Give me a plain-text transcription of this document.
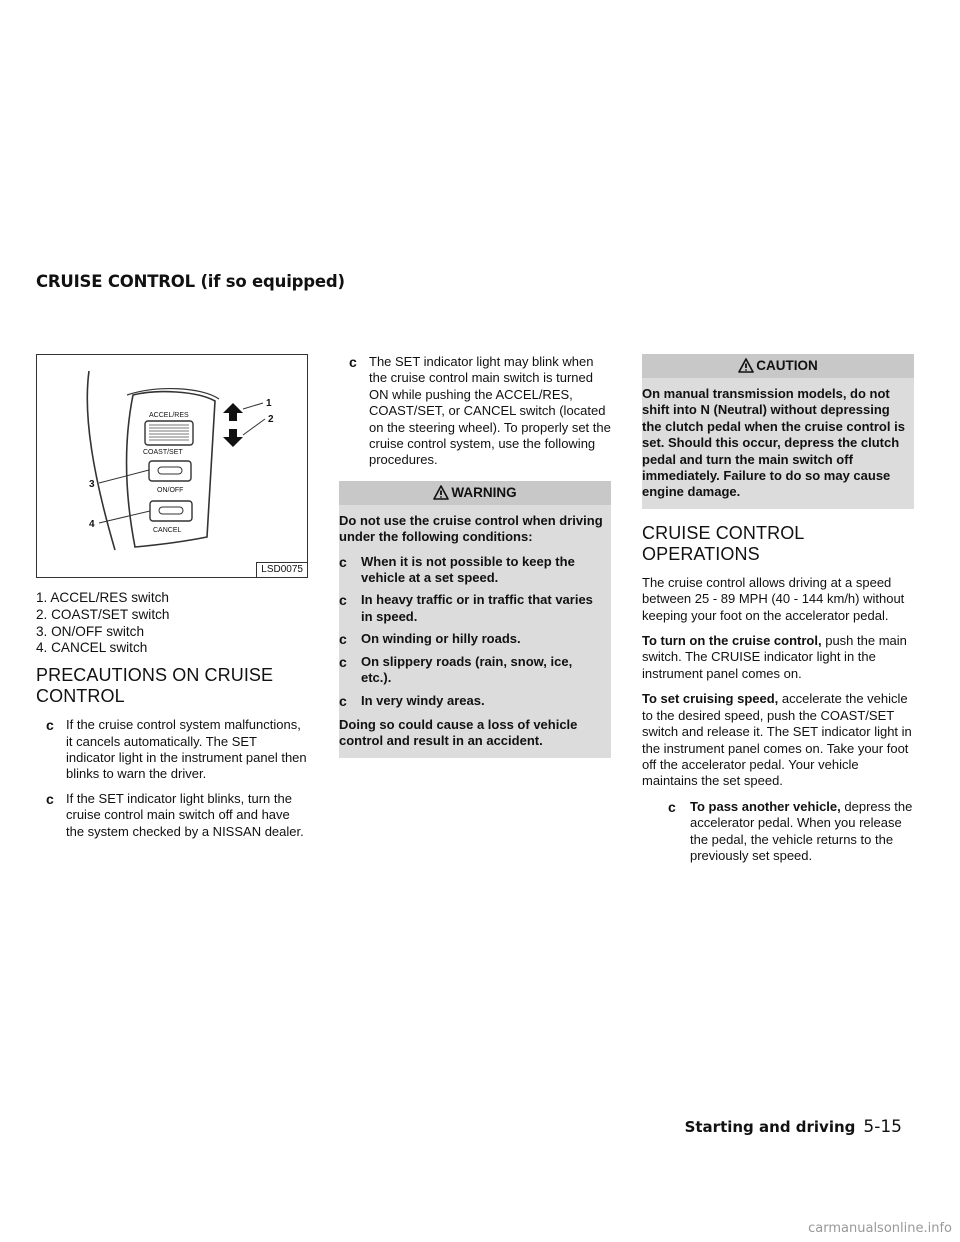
CRUISE CONTROL (if so equipped)
ACCEL/RES
COAST/SET
ON/OFF
CANCEL
1
2
3
4
LSD0075
1. ACCEL/RES switch
2. COAST/SET switch
3. ON/OFF switch
4. CANCEL switch
PRECAUTIONS ON CRUISE CONTROL
c If the cruise control system malfunctions, it cancels automatically. The SET indicator light in the instrument panel then blinks to warn the driver.
c If the SET indicator light blinks, turn the cruise control main switch off and have the system checked by a NISSAN dealer.
c The SET indicator light may blink when the cruise control main switch is turned ON while pushing the ACCEL/RES, COAST/SET, or CANCEL switch (located on the steering wheel). To properly set the cruise control system, use the following procedures.
WARNING
Do not use the cruise control when driving under the following conditions:
c When it is not possible to keep the vehicle at a set speed.
c In heavy traffic or in traffic that varies in speed.
c On winding or hilly roads.
c On slippery roads (rain, snow, ice, etc.).
c In very windy areas.
Doing so could cause a loss of vehicle control and result in an accident.
CAUTION
On manual transmission models, do not shift into N (Neutral) without depressing the clutch pedal when the cruise control is set. Should this occur, depress the clutch pedal and turn the main switch off immediately. Failure to do so may cause engine damage.
CRUISE CONTROL OPERATIONS
The cruise control allows driving at a speed between 25 - 89 MPH (40 - 144 km/h) without keeping your foot on the accelerator pedal.
To turn on the cruise control, push the main switch. The CRUISE indicator light in the instrument panel comes on.
To set cruising speed, accelerate the vehicle to the desired speed, push the COAST/SET switch and release it. The SET indicator light in the instrument panel comes on. Take your foot off the accelerator pedal. Your vehicle maintains the set speed.
c To pass another vehicle, depress the accelerator pedal. When you release the pedal, the vehicle returns to the previously set speed.
Starting and driving 5-15
carmanualsonline.info
